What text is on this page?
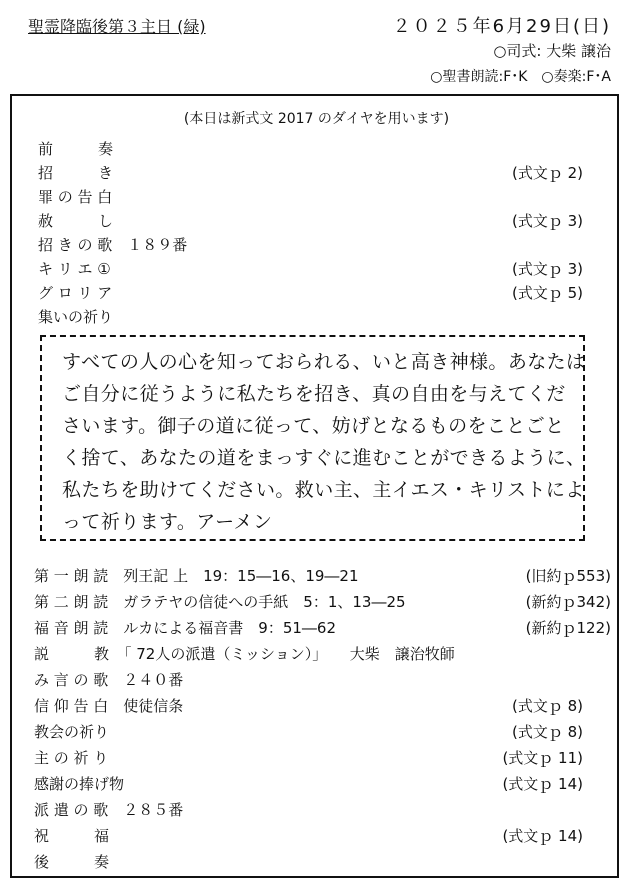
聖霊降臨後第３主日 (緑)	２０２５年6月29日(日)
○司式: 大柴 譲治
○聖書朗読:F･K　○奏楽:F･A
(本日は新式文 2017 のダイヤを用います)
前　　　奏
招　　　き	(式文ｐ 2)
罪 の 告 白
赦　　　し	(式文ｐ 3)
招 き の 歌　１８９番
キ リ エ ①	(式文ｐ 3)
グ ロ リ ア	(式文ｐ 5)
集いの祈り
すべての人の心を知っておられる、いと高き神様。あなたは
ご自分に従うように私たちを招き、真の自由を与えてくだ
さいます。御子の道に従って、妨げとなるものをことごと
く捨て、あなたの道をまっすぐに進むことができるように、
私たちを助けてください。救い主、主イエス・キリストによ
って祈ります。アーメン
第 一 朗 読　列王記 上　19：15―16、19―21	(旧約ｐ553)
第 二 朗 読　ガラテヤの信徒への手紙　5：1、13―25	(新約ｐ342)
福 音 朗 読　ルカによる福音書　9：51―62	(新約ｐ122)
説　　　教　「 72人の派遣（ミッション）」　　大柴　譲治牧師
み 言 の 歌　２４０番
信 仰 告 白　使徒信条	(式文ｐ 8)
教会の祈り	(式文ｐ 8)
主 の 祈 り	(式文ｐ 11)
感謝の捧げ物	(式文ｐ 14)
派 遣 の 歌　２８５番
祝　　　福	(式文ｐ 14)
後　　　奏
